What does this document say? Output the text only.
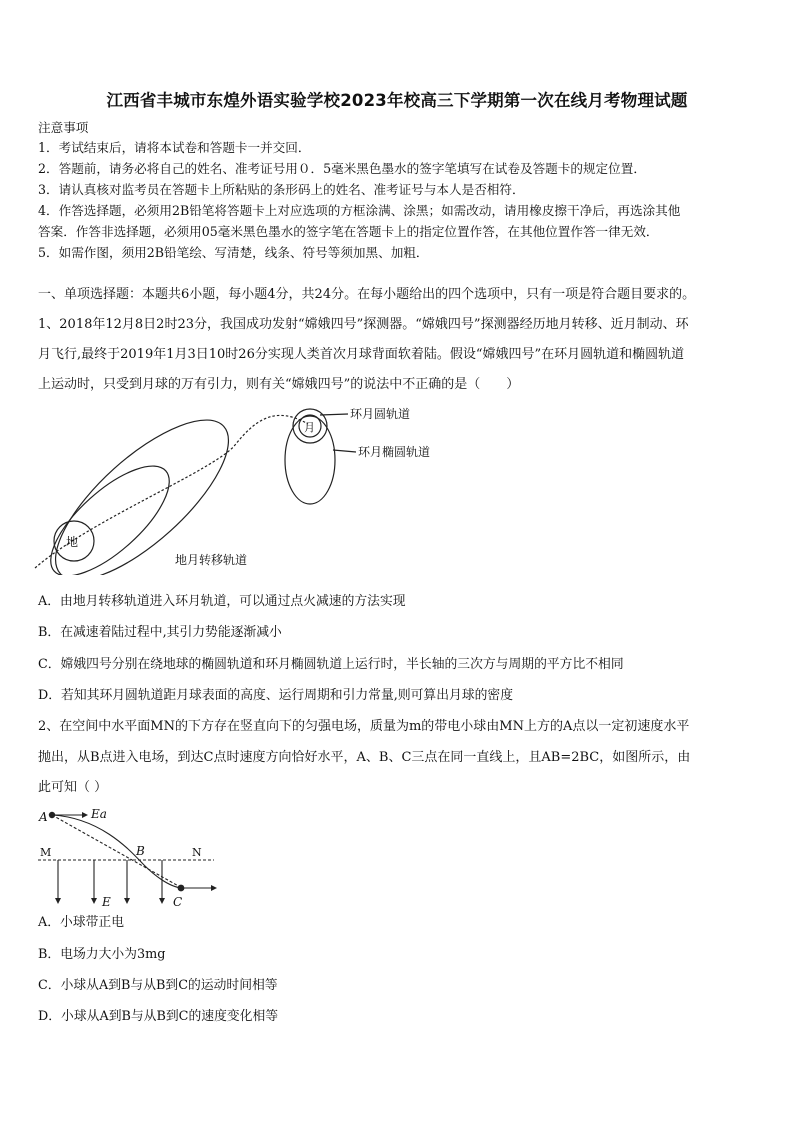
江西省丰城市东煌外语实验学校2023年校高三下学期第一次在线月考物理试题
注意事项
1．考试结束后，请将本试卷和答题卡一并交回．
2．答题前，请务必将自己的姓名、准考证号用０．5毫米黑色墨水的签字笔填写在试卷及答题卡的规定位置．
3．请认真核对监考员在答题卡上所粘贴的条形码上的姓名、准考证号与本人是否相符．
4．作答选择题，必须用2B铅笔将答题卡上对应选项的方框涂满、涂黑；如需改动，请用橡皮擦干净后，再选涂其他
答案．作答非选择题，必须用05毫米黑色墨水的签字笔在答题卡上的指定位置作答，在其他位置作答一律无效．
5．如需作图，须用2B铅笔绘、写清楚，线条、符号等须加黑、加粗．
一、单项选择题：本题共6小题，每小题4分，共24分。在每小题给出的四个选项中，只有一项是符合题目要求的。
1、2018年12月8日2时23分，我国成功发射“嫦娥四号”探测器。“嫦娥四号”探测器经历地月转移、近月制动、环
月飞行,最终于2019年1月3日10时26分实现人类首次月球背面软着陆。假设“嫦娥四号”在环月圆轨道和椭圆轨道
上运动时，只受到月球的万有引力，则有关“嫦娥四号”的说法中不正确的是（　　）
地
月
环月圆轨道
环月椭圆轨道
地月转移轨道
A．由地月转移轨道进入环月轨道，可以通过点火减速的方法实现
B．在减速着陆过程中,其引力势能逐渐减小
C．嫦娥四号分别在绕地球的椭圆轨道和环月椭圆轨道上运行时，半长轴的三次方与周期的平方比不相同
D．若知其环月圆轨道距月球表面的高度、运行周期和引力常量,则可算出月球的密度
2、在空间中水平面MN的下方存在竖直向下的匀强电场，质量为m的带电小球由MN上方的A点以一定初速度水平
抛出，从B点进入电场，到达C点时速度方向恰好水平，A、B、C三点在同一直线上，且AB=2BC，如图所示，由
此可知（ ）
A	Ea
M	B	N
E	C
A．小球带正电
B．电场力大小为3mg
C．小球从A到B与从B到C的运动时间相等
D．小球从A到B与从B到C的速度变化相等
